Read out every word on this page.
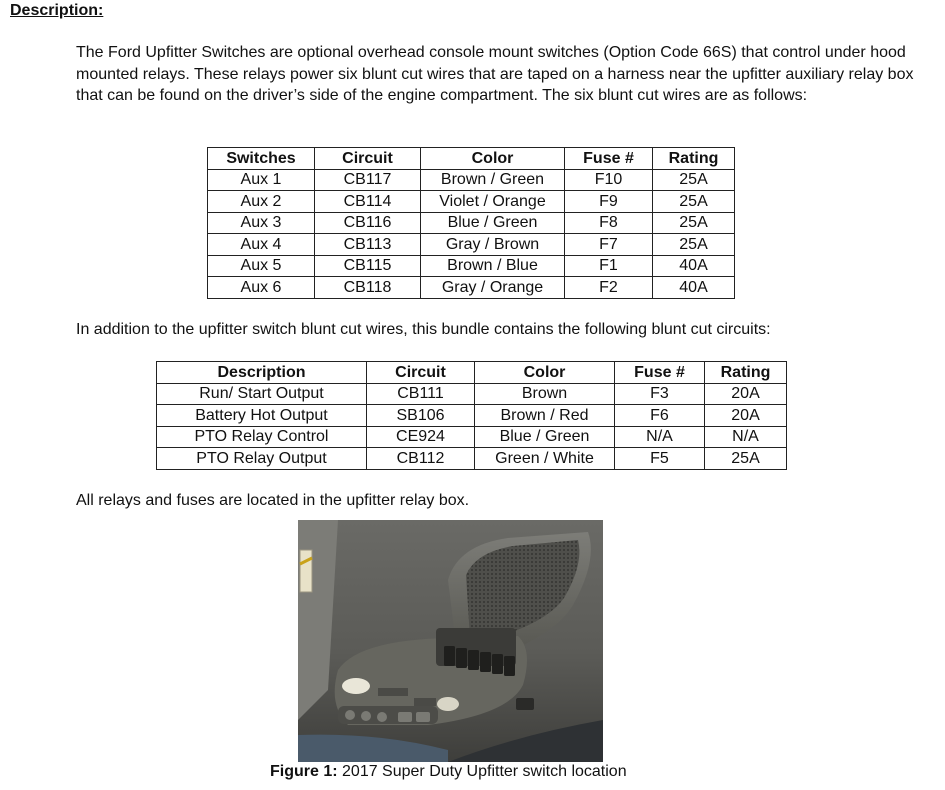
Description:
The Ford Upfitter Switches are optional overhead console mount switches (Option Code 66S) that control under hood mounted relays. These relays power six blunt cut wires that are taped on a harness near the upfitter auxiliary relay box that can be found on the driver’s side of the engine compartment. The six blunt cut wires are as follows:
Switches	Circuit	Color	Fuse #	Rating
Aux 1	CB117	Brown / Green	F10	25A
Aux 2	CB114	Violet / Orange	F9	25A
Aux 3	CB116	Blue / Green	F8	25A
Aux 4	CB113	Gray / Brown	F7	25A
Aux 5	CB115	Brown / Blue	F1	40A
Aux 6	CB118	Gray / Orange	F2	40A
In addition to the upfitter switch blunt cut wires, this bundle contains the following blunt cut circuits:
Description	Circuit	Color	Fuse #	Rating
Run/ Start Output	CB111	Brown	F3	20A
Battery Hot Output	SB106	Brown / Red	F6	20A
PTO Relay Control	CE924	Blue / Green	N/A	N/A
PTO Relay Output	CB112	Green / White	F5	25A
All relays and fuses are located in the upfitter relay box.
Figure 1: 2017 Super Duty Upfitter switch location
